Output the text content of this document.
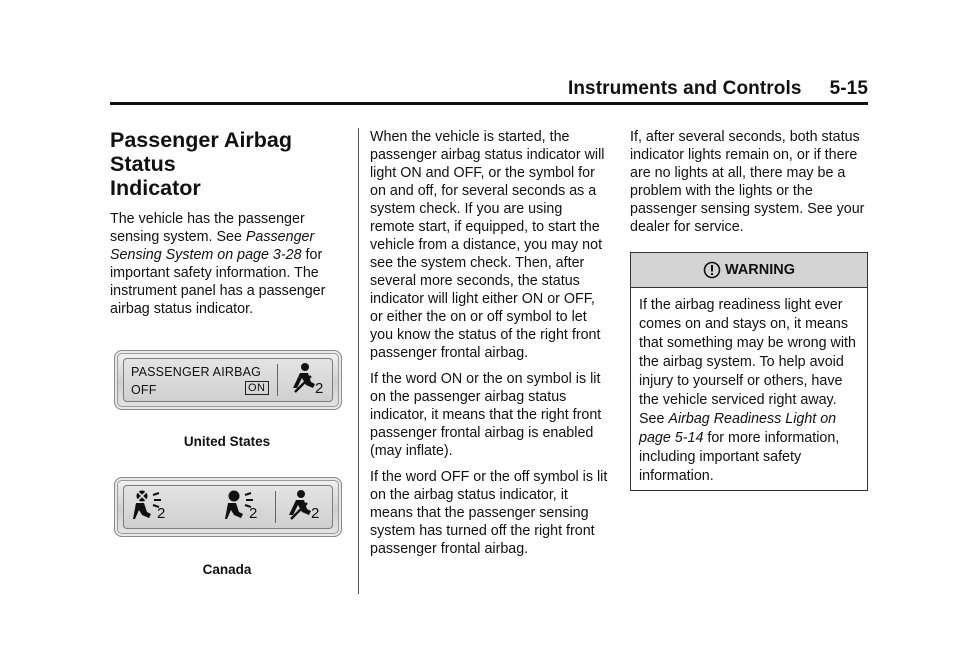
Instruments and Controls 5-15
Passenger Airbag Status
Indicator

The vehicle has the passenger sensing system. See Passenger Sensing System on page 3-28 for important safety information. The instrument panel has a passenger airbag status indicator.

PASSENGER AIRBAG
OFF	ON	2

United States

2	2	2

Canada

When the vehicle is started, the passenger airbag status indicator will light ON and OFF, or the symbol for on and off, for several seconds as a system check. If you are using remote start, if equipped, to start the vehicle from a distance, you may not see the system check. Then, after several more seconds, the status indicator will light either ON or OFF, or either the on or off symbol to let you know the status of the right front passenger frontal airbag.

If the word ON or the on symbol is lit on the passenger airbag status indicator, it means that the right front passenger frontal airbag is enabled (may inflate).

If the word OFF or the off symbol is lit on the airbag status indicator, it means that the passenger sensing system has turned off the right front passenger frontal airbag.

If, after several seconds, both status indicator lights remain on, or if there are no lights at all, there may be a problem with the lights or the passenger sensing system. See your dealer for service.

WARNING
If the airbag readiness light ever comes on and stays on, it means that something may be wrong with the airbag system. To help avoid injury to yourself or others, have the vehicle serviced right away. See Airbag Readiness Light on page 5-14 for more information, including important safety information.
